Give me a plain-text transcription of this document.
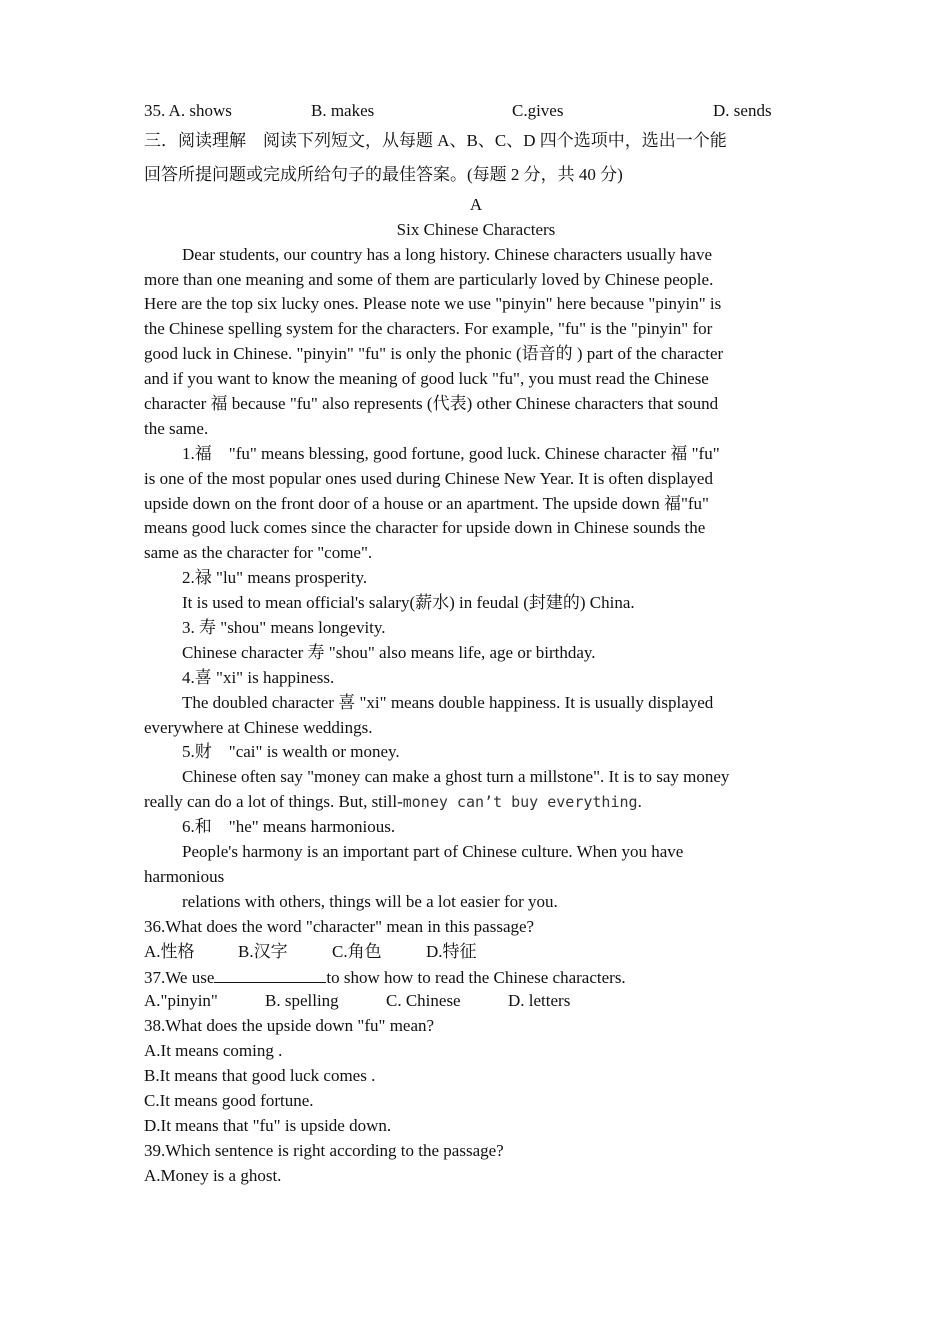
35. A. shows	B. makes	C.gives	D. sends
三．阅读理解　阅读下列短文，从每题 A、B、C、D 四个选项中，选出一个能
回答所提问题或完成所给句子的最佳答案。(每题 2 分，共 40 分)
A
Six Chinese Characters
Dear students, our country has a long history. Chinese characters usually have
more than one meaning and some of them are particularly loved by Chinese people.
Here are the top six lucky ones. Please note we use "pinyin" here because "pinyin" is
the Chinese spelling system for the characters. For example, "fu" is the "pinyin" for
good luck in Chinese. "pinyin" "fu" is only the phonic (语音的 ) part of the character
and if you want to know the meaning of good luck "fu", you must read the Chinese
character 福 because "fu" also represents (代表) other Chinese characters that sound
the same.
1.福　"fu" means blessing, good fortune, good luck. Chinese character 福 "fu"
is one of the most popular ones used during Chinese New Year. It is often displayed
upside down on the front door of a house or an apartment. The upside down 福"fu"
means good luck comes since the character for upside down in Chinese sounds the
same as the character for "come".
2.禄 "lu" means prosperity.
It is used to mean official's salary(薪水) in feudal (封建的) China.
3. 寿 "shou" means longevity.
Chinese character 寿 "shou" also means life, age or birthday.
4.喜 "xi" is happiness.
The doubled character 喜 "xi" means double happiness. It is usually displayed
everywhere at Chinese weddings.
5.财　"cai" is wealth or money.
Chinese often say "money can make a ghost turn a millstone". It is to say money
really can do a lot of things. But, still-money can’t buy everything.
6.和　"he" means harmonious.
People's harmony is an important part of Chinese culture. When you have
harmonious
relations with others, things will be a lot easier for you.
36.What does the word "character" mean in this passage?
A.性格	B.汉字	C.角色	D.特征
37.We use	to show how to read the Chinese characters.
A."pinyin"	B. spelling	C. Chinese	D. letters
38.What does the upside down "fu" mean?
A.It means coming .
B.It means that good luck comes .
C.It means good fortune.
D.It means that "fu" is upside down.
39.Which sentence is right according to the passage?
A.Money is a ghost.
